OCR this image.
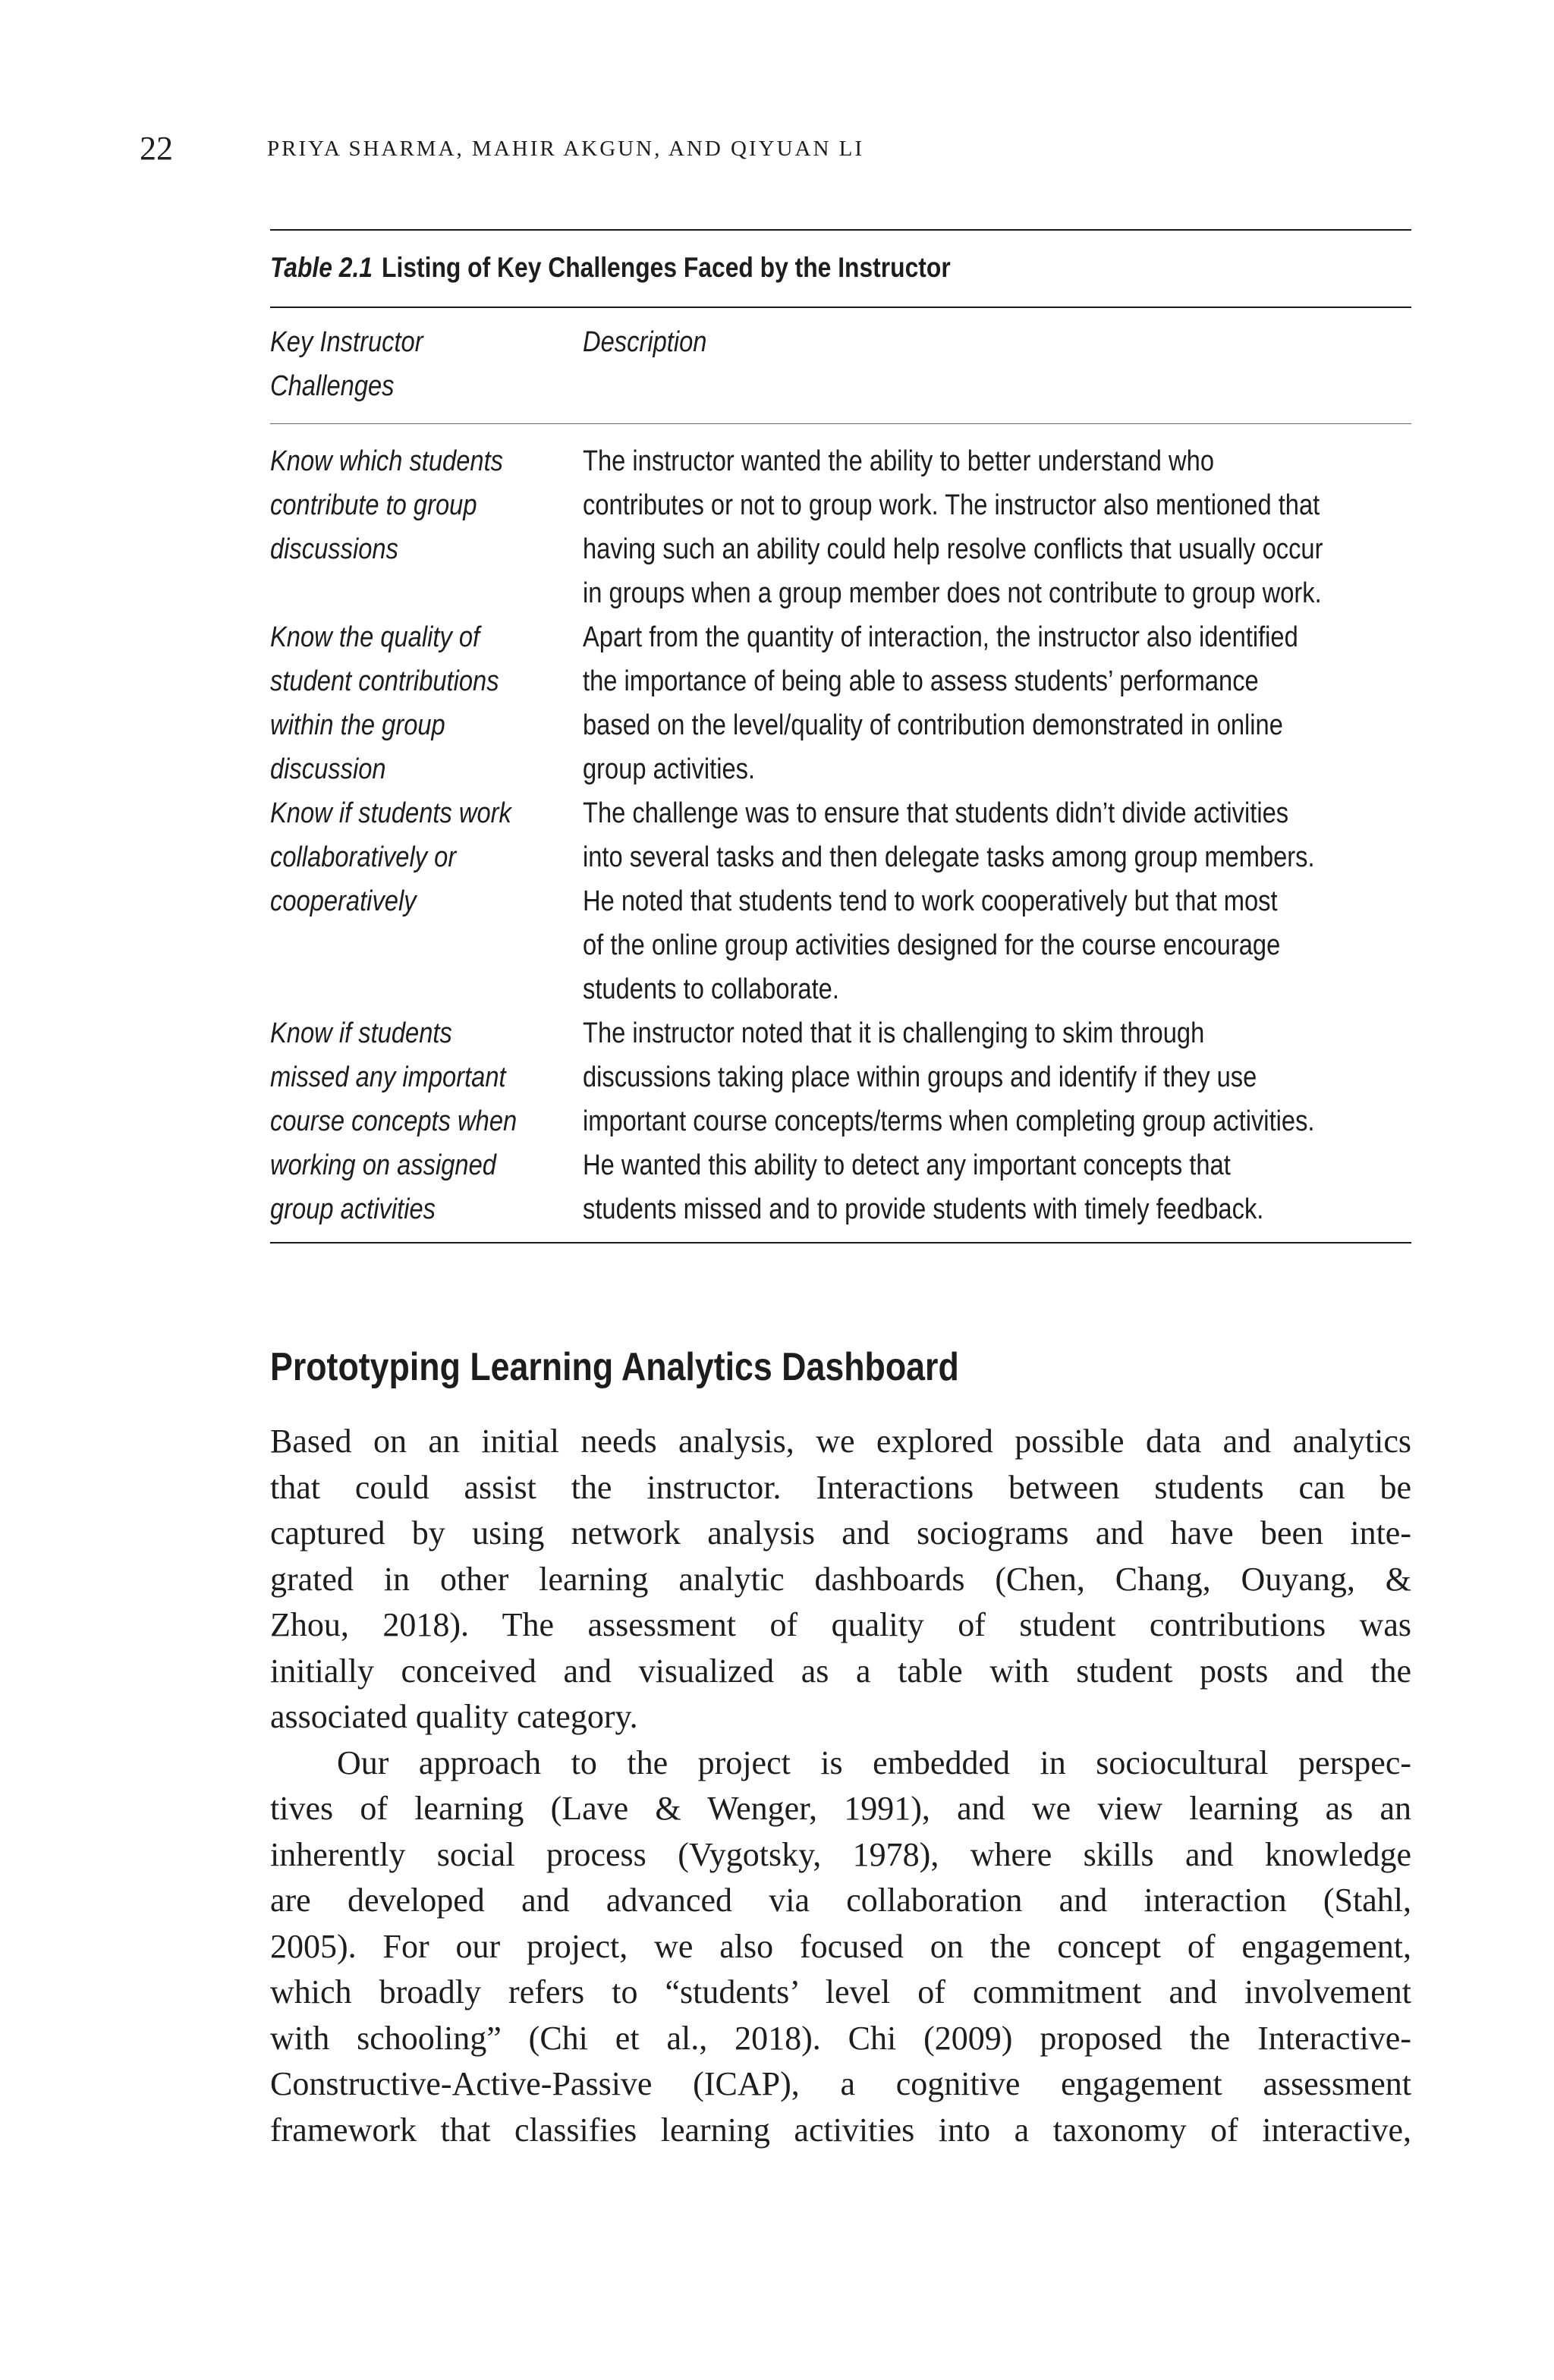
22	PRIYA SHARMA, MAHIR AKGUN, AND QIYUAN LI
Table 2.1 Listing of Key Challenges Faced by the Instructor
Key Instructor
Challenges
Description
Know which students
contribute to group
discussions
The instructor wanted the ability to better understand who
contributes or not to group work. The instructor also mentioned that
having such an ability could help resolve conflicts that usually occur
in groups when a group member does not contribute to group work.
Know the quality of
student contributions
within the group
discussion
Apart from the quantity of interaction, the instructor also identified
the importance of being able to assess students’ performance
based on the level/quality of contribution demonstrated in online
group activities.
Know if students work
collaboratively or
cooperatively
The challenge was to ensure that students didn’t divide activities
into several tasks and then delegate tasks among group members.
He noted that students tend to work cooperatively but that most
of the online group activities designed for the course encourage
students to collaborate.
Know if students
missed any important
course concepts when
working on assigned
group activities
The instructor noted that it is challenging to skim through
discussions taking place within groups and identify if they use
important course concepts/terms when completing group activities.
He wanted this ability to detect any important concepts that
students missed and to provide students with timely feedback.
Prototyping Learning Analytics Dashboard
Based on an initial needs analysis, we explored possible data and analytics
that could assist the instructor. Interactions between students can be
captured by using network analysis and sociograms and have been inte-
grated in other learning analytic dashboards (Chen, Chang, Ouyang, &
Zhou, 2018). The assessment of quality of student contributions was
initially conceived and visualized as a table with student posts and the
associated quality category.
Our approach to the project is embedded in sociocultural perspec-
tives of learning (Lave & Wenger, 1991), and we view learning as an
inherently social process (Vygotsky, 1978), where skills and knowledge
are developed and advanced via collaboration and interaction (Stahl,
2005). For our project, we also focused on the concept of engagement,
which broadly refers to “students’ level of commitment and involvement
with schooling” (Chi et al., 2018). Chi (2009) proposed the Interactive-
Constructive-Active-Passive (ICAP), a cognitive engagement assessment
framework that classifies learning activities into a taxonomy of interactive,
